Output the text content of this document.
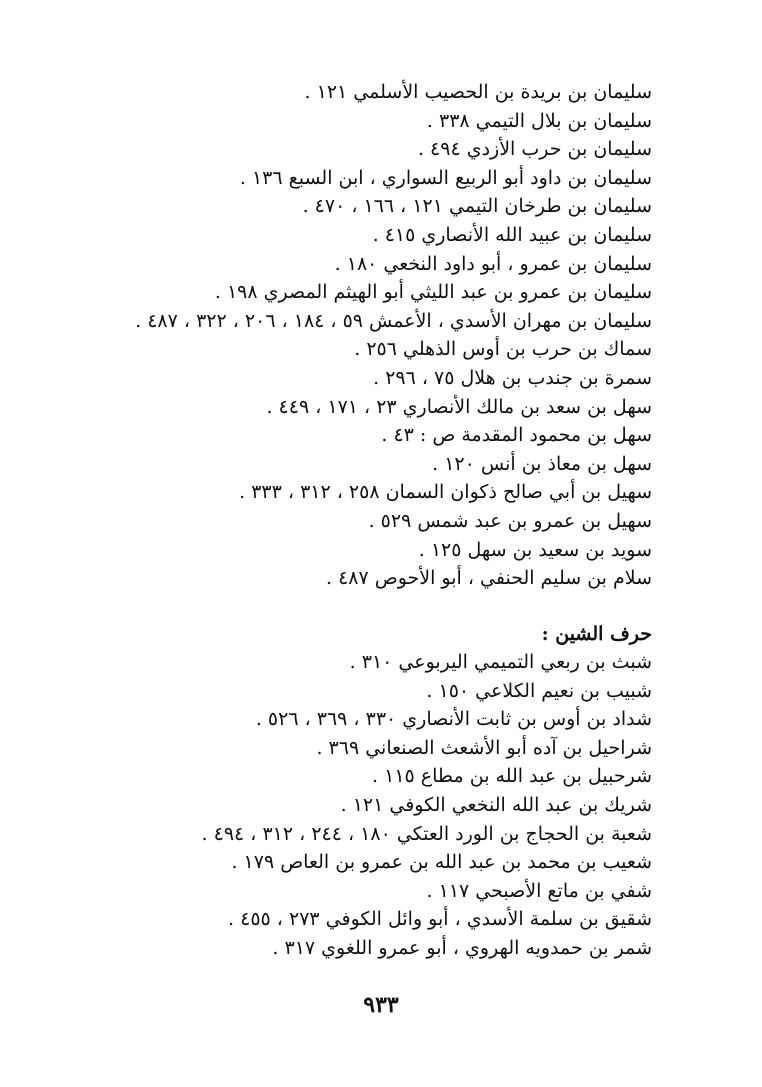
سليمان بن بريدة بن الحصيب الأسلمي ١٢١ .
سليمان بن بلال التيمي ٣٣٨ .
سليمان بن حرب الأزدي ٤٩٤ .
سليمان بن داود أبو الربيع السواري ، ابن السبع ١٣٦ .
سليمان بن طرخان التيمي ١٢١ ، ١٦٦ ، ٤٧٠ .
سليمان بن عبيد الله الأنصاري ٤١٥ .
سليمان بن عمرو ، أبو داود النخعي ١٨٠ .
سليمان بن عمرو بن عبد الليثي أبو الهيثم المصري ١٩٨ .
سليمان بن مهران الأسدي ، الأعمش ٥٩ ، ١٨٤ ، ٢٠٦ ، ٣٢٢ ، ٤٨٧ .
سماك بن حرب بن أوس الذهلي ٢٥٦ .
سمرة بن جندب بن هلال ٧٥ ، ٢٩٦ .
سهل بن سعد بن مالك الأنصاري ٢٣ ، ١٧١ ، ٤٤٩ .
سهل بن محمود المقدمة ص : ٤٣ .
سهل بن معاذ بن أنس ١٢٠ .
سهيل بن أبي صالح ذكوان السمان ٢٥٨ ، ٣١٢ ، ٣٣٣ .
سهيل بن عمرو بن عبد شمس ٥٢٩ .
سويد بن سعيد بن سهل ١٢٥ .
سلام بن سليم الحنفي ، أبو الأحوص ٤٨٧ .
حرف الشين :
شبث بن ربعي التميمي اليربوعي ٣١٠ .
شبيب بن نعيم الكلاعي ١٥٠ .
شداد بن أوس بن ثابت الأنصاري ٣٣٠ ، ٣٦٩ ، ٥٢٦ .
شراحيل بن آده أبو الأشعث الصنعاني ٣٦٩ .
شرحبيل بن عبد الله بن مطاع ١١٥ .
شريك بن عبد الله النخعي الكوفي ١٢١ .
شعبة بن الحجاج بن الورد العتكي ١٨٠ ، ٢٤٤ ، ٣١٢ ، ٤٩٤ .
شعيب بن محمد بن عبد الله بن عمرو بن العاص ١٧٩ .
شفي بن ماتع الأصبحي ١١٧ .
شقيق بن سلمة الأسدي ، أبو وائل الكوفي ٢٧٣ ، ٤٥٥ .
شمر بن حمدويه الهروي ، أبو عمرو اللغوي ٣١٧ .
٩٣٣
